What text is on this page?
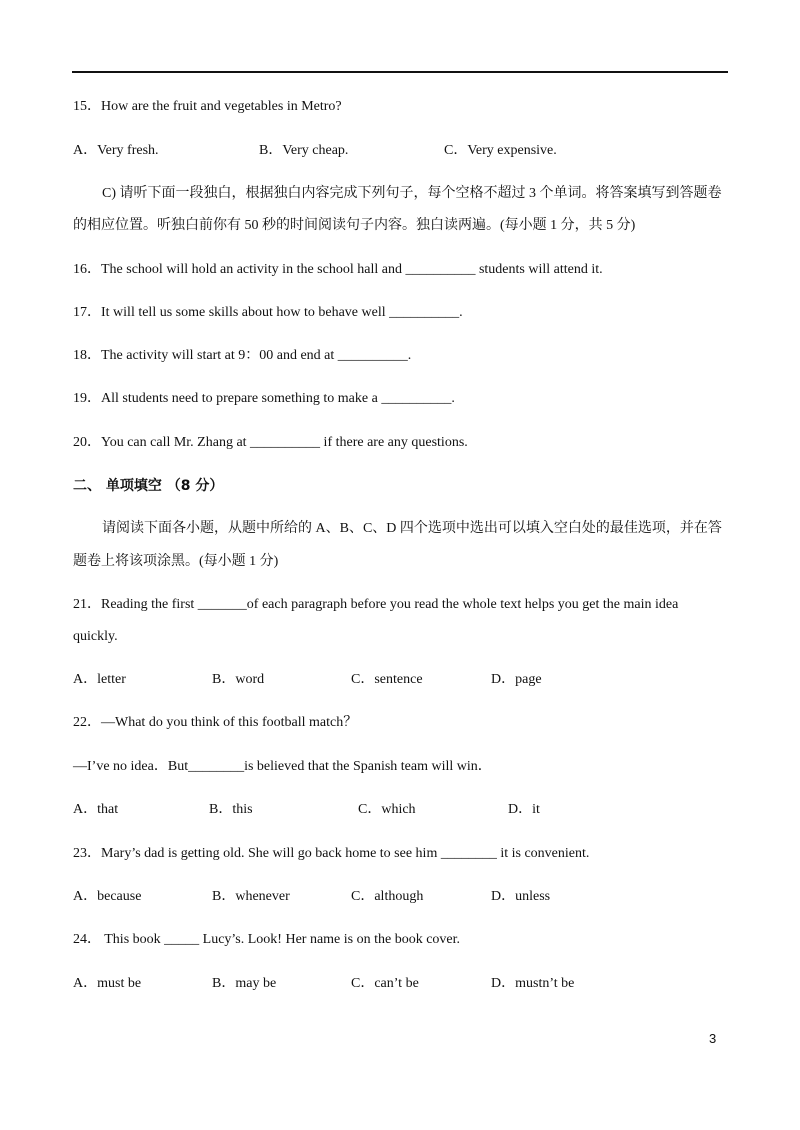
15．How are the fruit and vegetables in Metro?
A．Very fresh.	B．Very cheap.	C．Very expensive.
C) 请听下面一段独白，根据独白内容完成下列句子，每个空格不超过 3 个单词。将答案填写到答题卷
的相应位置。听独白前你有 50 秒的时间阅读句子内容。独白读两遍。(每小题 1 分，共 5 分)
16．The school will hold an activity in the school hall and __________ students will attend it.
17．It will tell us some skills about how to behave well __________.
18．The activity will start at 9：00 and end at __________.
19．All students need to prepare something to make a __________.
20．You can call Mr. Zhang at __________ if there are any questions.
二、 单项填空 （8 分）
请阅读下面各小题，从题中所给的 A、B、C、D 四个选项中选出可以填入空白处的最佳选项，并在答
题卷上将该项涂黑。(每小题 1 分)
21．Reading the first _______of each paragraph before you read the whole text helps you get the main idea
quickly.
A．letter	B．word	C．sentence	D．page
22．—What do you think of this football match？
—I’ve no idea．But________is believed that the Spanish team will win．
A．that	B．this	C．which	D．it
23．Mary’s dad is getting old. She will go back home to see him ________ it is convenient.
A．because	B．whenever	C．although	D．unless
24． This book _____ Lucy’s. Look! Her name is on the book cover.
A．must be	B．may be	C．can’t be	D．mustn’t be
3
